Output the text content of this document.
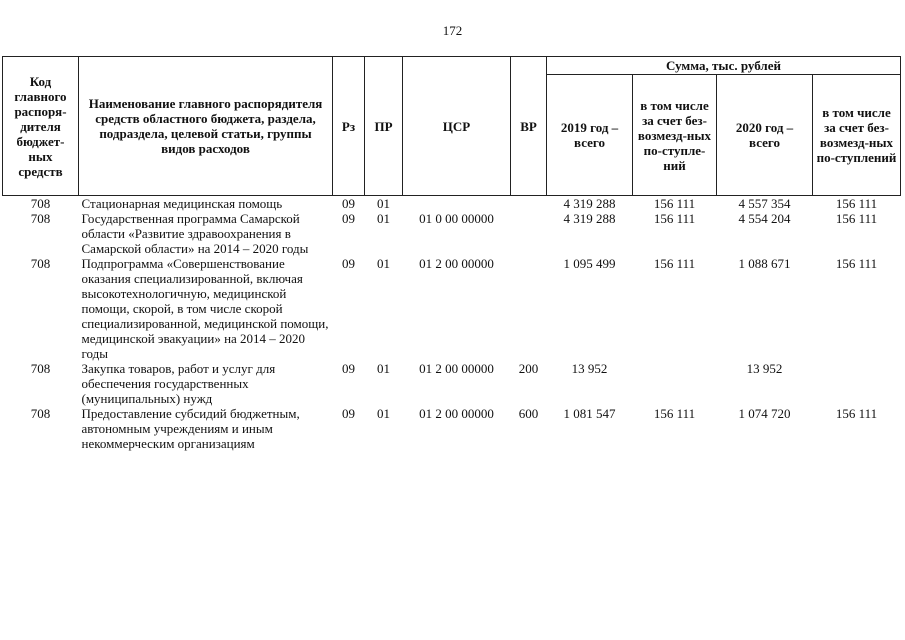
172
Код главного распоря-дителя бюджет-ных средств	Наименование главного распорядителя средств областного бюджета, раздела, подраздела, целевой статьи, группы видов расходов	Рз	ПР	ЦСР	ВР	Сумма, тыс. рублей			
						2019 год – всего	в том числе за счет без-возмезд-ных по-ступле-ний	2020 год – всего	в том числе за счет без-возмезд-ных по-ступлений
708	Стационарная медицинская помощь	09	01			4 319 288	156 111	4 557 354	156 111
708	Государственная программа Самарской области «Развитие здравоохранения в Самарской области» на 2014 – 2020 годы	09	01	01 0 00 00000		4 319 288	156 111	4 554 204	156 111
708	Подпрограмма «Совершенствование оказания специализированной, включая высокотехнологичную, медицинской помощи, скорой, в том числе скорой специализированной, медицинской помощи, медицинской эвакуации» на 2014 – 2020 годы	09	01	01 2 00 00000		1 095 499	156 111	1 088 671	156 111
708	Закупка товаров, работ и услуг для обеспечения государственных (муниципальных) нужд	09	01	01 2 00 00000	200	13 952		13 952	
708	Предоставление субсидий бюджетным, автономным учреждениям и иным некоммерческим организациям	09	01	01 2 00 00000	600	1 081 547	156 111	1 074 720	156 111
